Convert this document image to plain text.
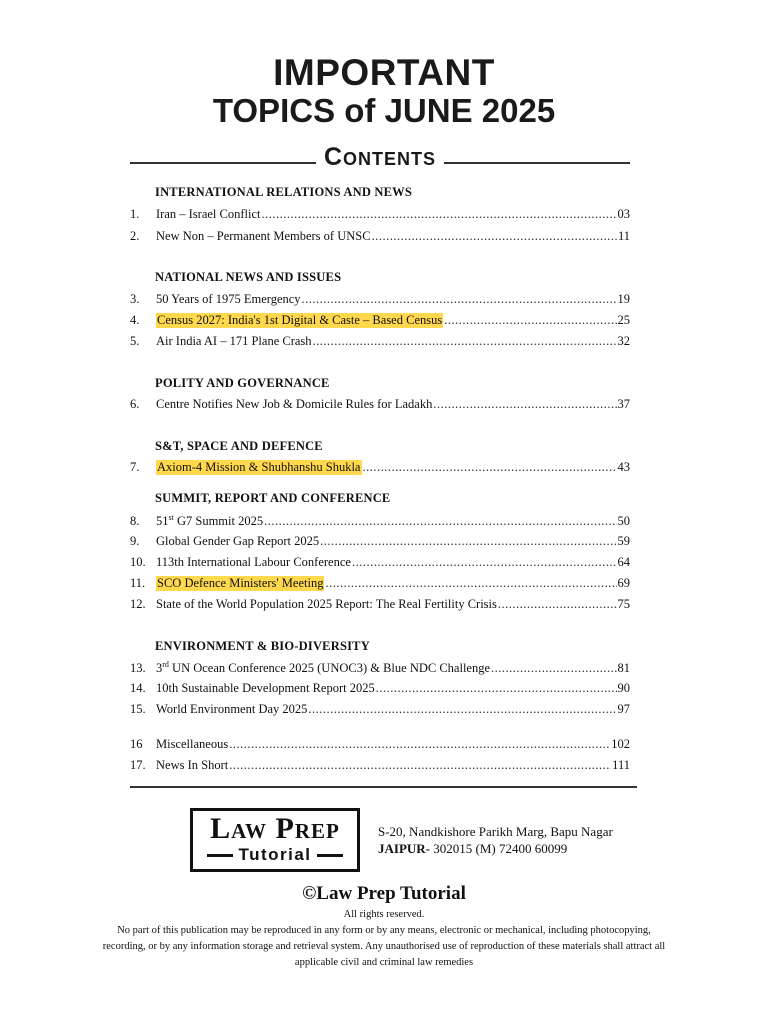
IMPORTANT
TOPICS of JUNE 2025
Contents
INTERNATIONAL RELATIONS AND NEWS
NATIONAL NEWS AND ISSUES
POLITY AND GOVERNANCE
S&T, SPACE AND DEFENCE
SUMMIT, REPORT AND CONFERENCE
ENVIRONMENT & BIO-DIVERSITY
1.	Iran – Israel Conflict .....	03
2.	New Non – Permanent Members of UNSC .....	11
3.	50 Years of 1975 Emergency .....	19
4.	Census 2027: India's 1st Digital & Caste – Based Census .....	25
5.	Air India AI – 171 Plane Crash .....	32
6.	Centre Notifies New Job & Domicile Rules for Ladakh .....	37
7.	Axiom-4 Mission & Shubhanshu Shukla .....	43
8.	51st G7 Summit 2025 .....	50
9.	Global Gender Gap Report 2025 .....	59
10. 113th International Labour Conference .....	64
11. SCO Defence Ministers' Meeting .....	69
12. State of the World Population 2025 Report: The Real Fertility Crisis .....	75
13. 3rd UN Ocean Conference 2025 (UNOC3) & Blue NDC Challenge .....	81
14. 10th Sustainable Development Report 2025 .....	90
15. World Environment Day 2025 .....	97
16	Miscellaneous .....	102
17. News In Short .....	111
Law Prep
Tutorial
S-20, Nandkishore Parikh Marg, Bapu Nagar
JAIPUR- 302015 (M) 72400 60099
©Law Prep Tutorial
All rights reserved.
No part of this publication may be reproduced in any form or by any means, electronic or mechanical, including photocopying, recording, or by any information storage and retrieval system. Any unauthorised use of reproduction of these materials shall attract all applicable civil and criminal law remedies
